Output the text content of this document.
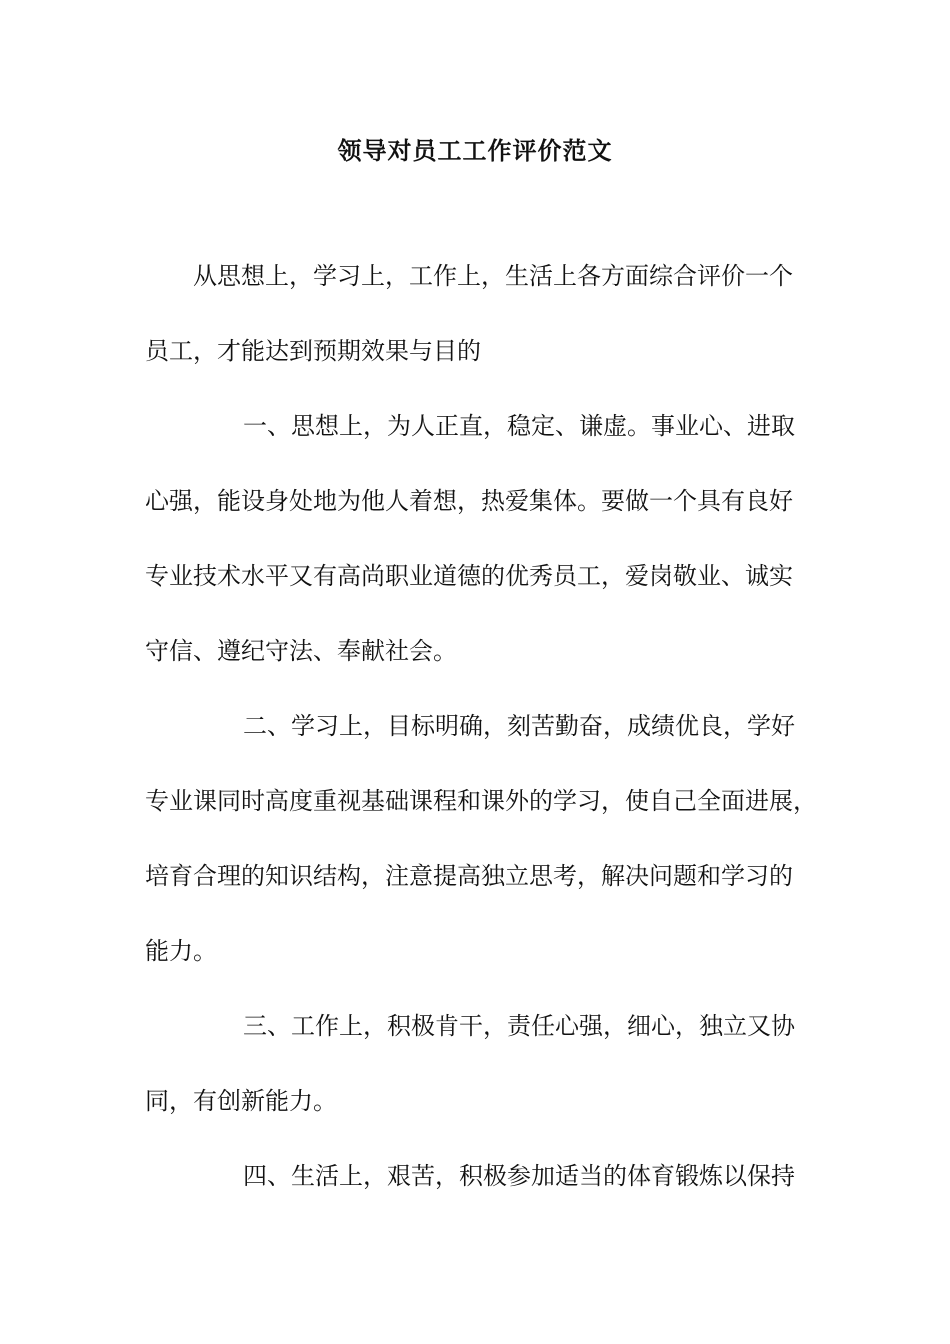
领导对员工工作评价范文
从思想上，学习上，工作上，生活上各方面综合评价一个
员工，才能达到预期效果与目的
一、思想上，为人正直，稳定、谦虚。事业心、进取
心强，能设身处地为他人着想，热爱集体。要做一个具有良好
专业技术水平又有高尚职业道德的优秀员工，爱岗敬业、诚实
守信、遵纪守法、奉献社会。
二、学习上，目标明确，刻苦勤奋，成绩优良，学好
专业课同时高度重视基础课程和课外的学习，使自己全面进展，
培育合理的知识结构，注意提高独立思考，解决问题和学习的
能力。
三、工作上，积极肯干，责任心强，细心，独立又协
同，有创新能力。
四、生活上，艰苦，积极参加适当的体育锻炼以保持
